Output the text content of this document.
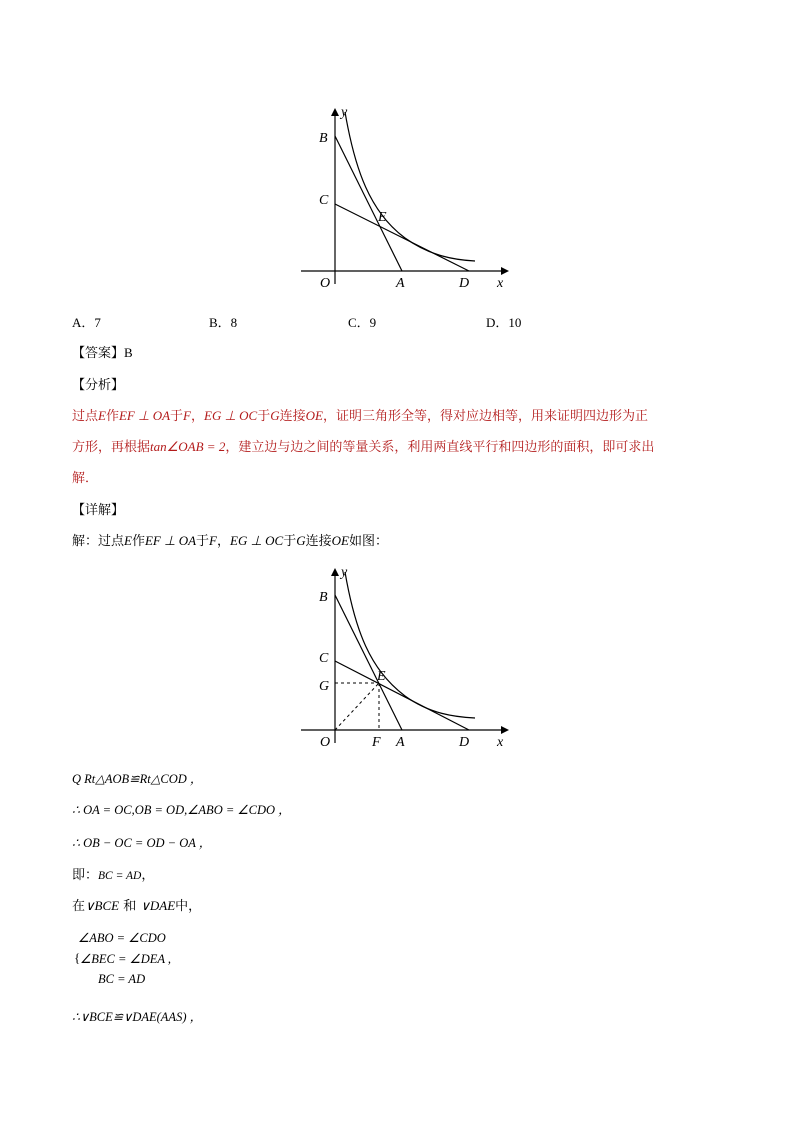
y
B
C
E
O	A	D x
A．7	B．8	C．9	D．10
【答案】B
【分析】
过点E作EF ⊥ OA于F，EG ⊥ OC于G连接OE，证明三角形全等，得对应边相等，用来证明四边形为正
方形，再根据tan∠OAB = 2，建立边与边之间的等量关系，利用两直线平行和四边形的面积，即可求出
解．
【详解】
解：过点E作EF ⊥ OA于F，EG ⊥ OC于G连接OE如图：
y
B
C
G
E
O	F A	D x
Q Rt△AOB≌Rt△COD ，
∴ OA = OC,OB = OD,∠ABO = ∠CDO ，
∴ OB − OC = OD − OA ，
即：BC = AD，
在∨BCE 和 ∨DAE中，
{
∠ABO = ∠CDO
∠BEC = ∠DEA ,
BC = AD
∴∨BCE≌∨DAE(AAS) ，
